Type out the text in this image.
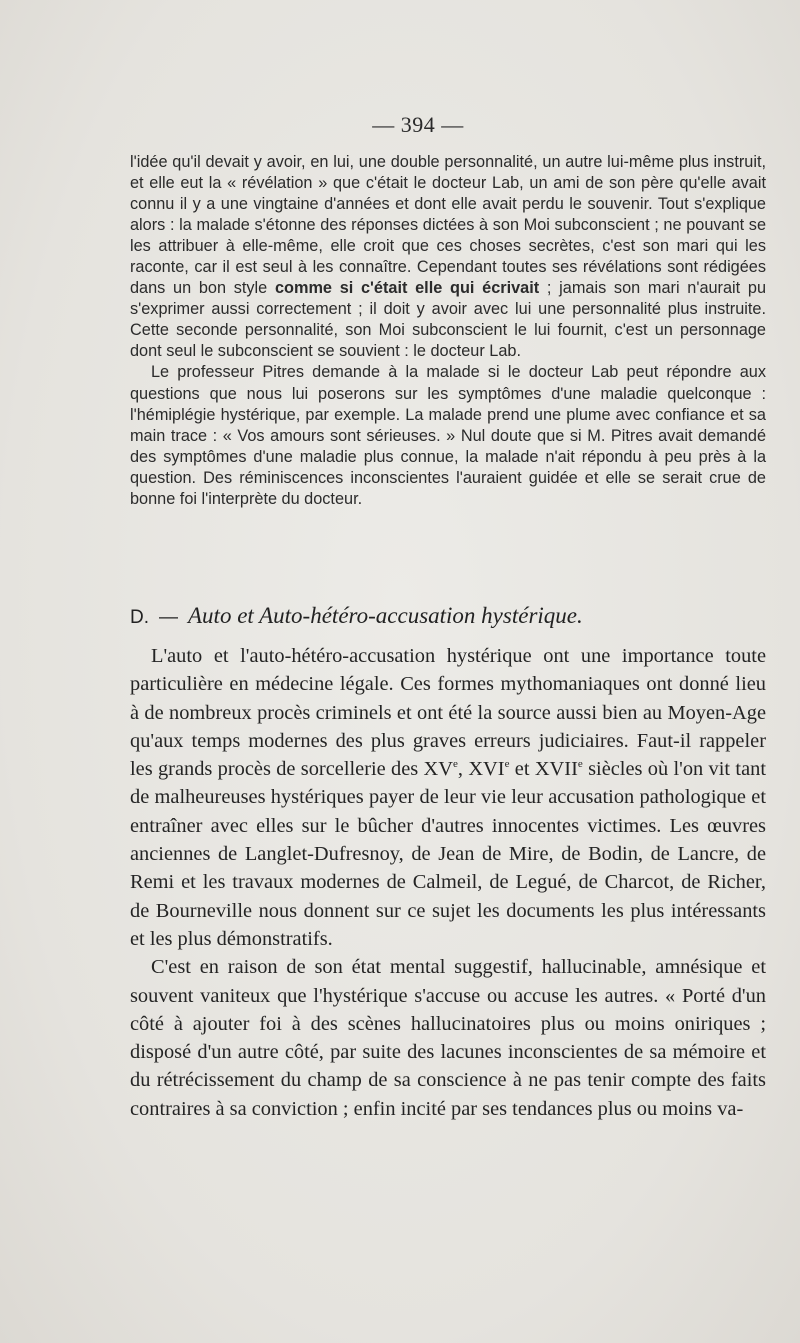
— 394 —

l'idée qu'il devait y avoir, en lui, une double personnalité, un autre lui-même plus instruit, et elle eut la « révélation » que c'était le docteur Lab, un ami de son père qu'elle avait connu il y a une vingtaine d'années et dont elle avait perdu le souvenir. Tout s'explique alors : la malade s'étonne des réponses dictées à son Moi subconscient ; ne pouvant se les attribuer à elle-même, elle croit que ces choses secrètes, c'est son mari qui les raconte, car il est seul à les connaître. Cependant toutes ses révélations sont rédigées dans un bon style comme si c'était elle qui écrivait ; jamais son mari n'aurait pu s'exprimer aussi correctement ; il doit y avoir avec lui une personnalité plus instruite. Cette seconde personnalité, son Moi subconscient le lui fournit, c'est un personnage dont seul le subconscient se souvient : le docteur Lab.

Le professeur Pitres demande à la malade si le docteur Lab peut répondre aux questions que nous lui poserons sur les symptômes d'une maladie quelconque : l'hémiplégie hystérique, par exemple. La malade prend une plume avec confiance et sa main trace : « Vos amours sont sérieuses. » Nul doute que si M. Pitres avait demandé des symptômes d'une maladie plus connue, la malade n'ait répondu à peu près à la question. Des réminiscences inconscientes l'auraient guidée et elle se serait crue de bonne foi l'interprète du docteur.

D. — Auto et Auto-hétéro-accusation hystérique.

L'auto et l'auto-hétéro-accusation hystérique ont une importance toute particulière en médecine légale. Ces formes mythomaniaques ont donné lieu à de nombreux procès criminels et ont été la source aussi bien au Moyen-Age qu'aux temps modernes des plus graves erreurs judiciaires. Faut-il rappeler les grands procès de sorcellerie des XVe, XVIe et XVIIe siècles où l'on vit tant de malheureuses hystériques payer de leur vie leur accusation pathologique et entraîner avec elles sur le bûcher d'autres innocentes victimes. Les œuvres anciennes de Langlet-Dufresnoy, de Jean de Mire, de Bodin, de Lancre, de Remi et les travaux modernes de Calmeil, de Legué, de Charcot, de Richer, de Bourneville nous donnent sur ce sujet les documents les plus intéressants et les plus démonstratifs.

C'est en raison de son état mental suggestif, hallucinable, amnésique et souvent vaniteux que l'hystérique s'accuse ou accuse les autres. « Porté d'un côté à ajouter foi à des scènes hallucinatoires plus ou moins oniriques ; disposé d'un autre côté, par suite des lacunes inconscientes de sa mémoire et du rétrécissement du champ de sa conscience à ne pas tenir compte des faits contraires à sa conviction ; enfin incité par ses tendances plus ou moins va-
